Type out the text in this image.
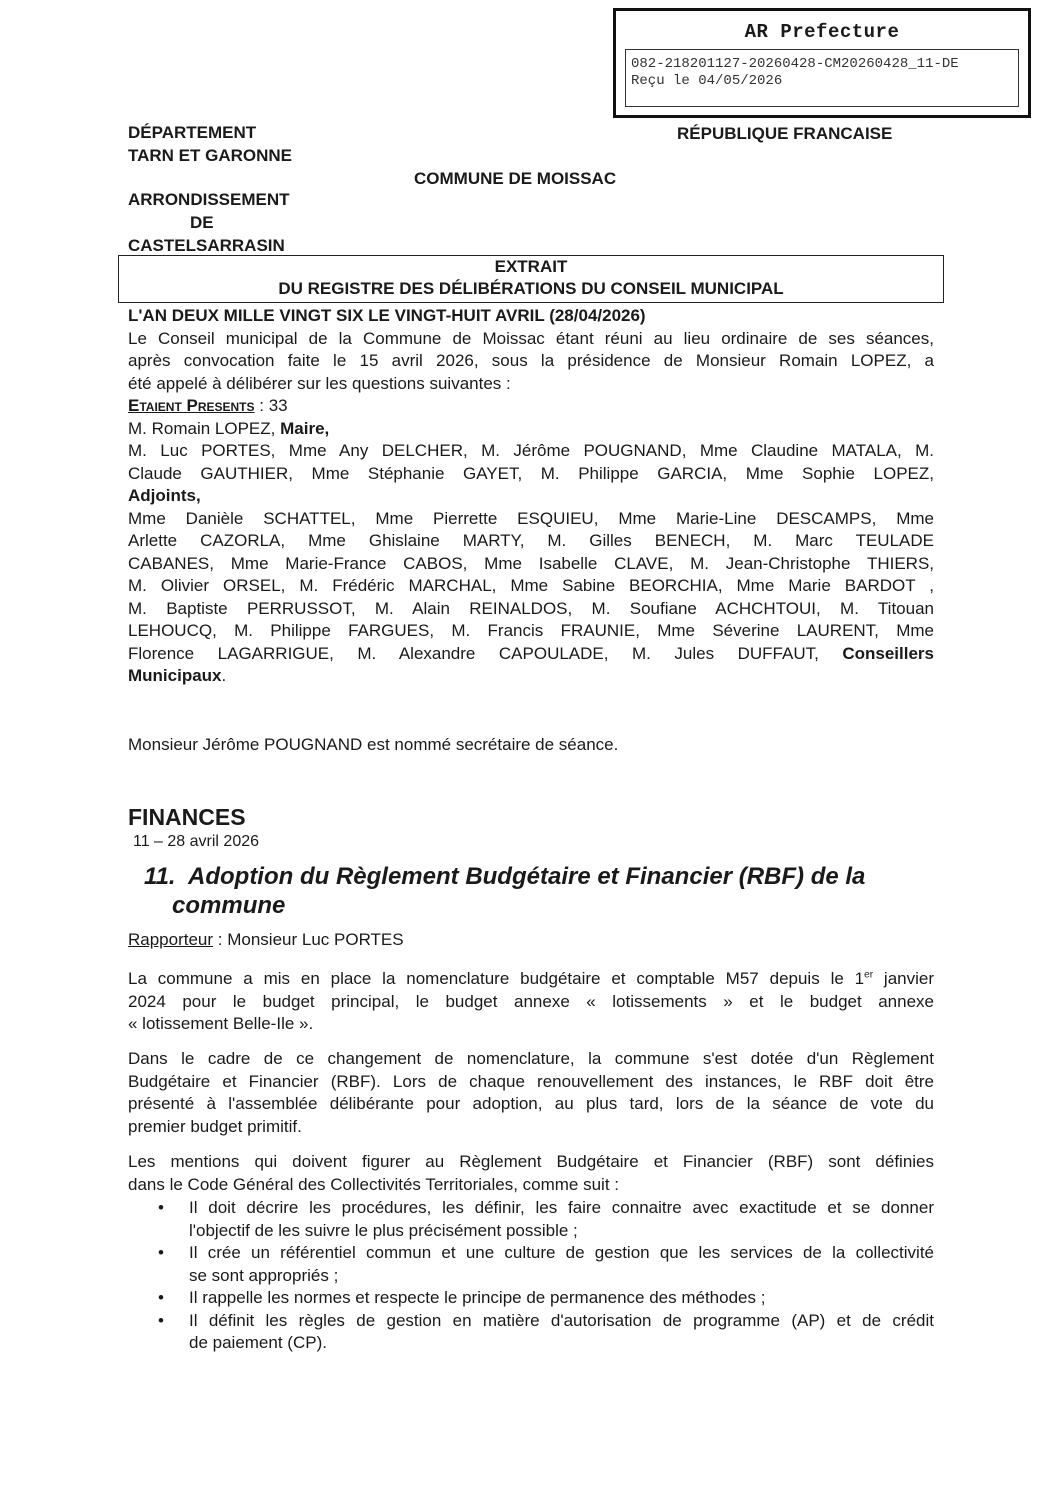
AR Prefecture
082-218201127-20260428-CM20260428_11-DE
Reçu le 04/05/2026
DÉPARTEMENT
TARN ET GARONNE
RÉPUBLIQUE FRANCAISE
COMMUNE DE MOISSAC
ARRONDISSEMENT
DE
CASTELSARRASIN
EXTRAIT
DU REGISTRE DES DÉLIBÉRATIONS DU CONSEIL MUNICIPAL
L'AN DEUX MILLE VINGT SIX LE VINGT-HUIT AVRIL (28/04/2026)
Le Conseil municipal de la Commune de Moissac étant réuni au lieu ordinaire de ses séances,
après convocation faite le 15 avril 2026, sous la présidence de Monsieur Romain LOPEZ, a
été appelé à délibérer sur les questions suivantes :
Etaient Presents : 33
M. Romain LOPEZ, Maire,
M. Luc PORTES, Mme Any DELCHER, M. Jérôme POUGNAND, Mme Claudine MATALA, M.
Claude GAUTHIER, Mme Stéphanie GAYET, M. Philippe GARCIA, Mme Sophie LOPEZ,
Adjoints,
Mme Danièle SCHATTEL, Mme Pierrette ESQUIEU, Mme Marie-Line DESCAMPS, Mme
Arlette CAZORLA, Mme Ghislaine MARTY, M. Gilles BENECH, M. Marc TEULADE
CABANES, Mme Marie-France CABOS, Mme Isabelle CLAVE, M. Jean-Christophe THIERS,
M. Olivier ORSEL, M. Frédéric MARCHAL, Mme Sabine BEORCHIA, Mme Marie BARDOT ,
M. Baptiste PERRUSSOT, M. Alain REINALDOS, M. Soufiane ACHCHTOUI, M. Titouan
LEHOUCQ, M. Philippe FARGUES, M. Francis FRAUNIE, Mme Séverine LAURENT, Mme
Florence LAGARRIGUE, M. Alexandre CAPOULADE, M. Jules DUFFAUT, Conseillers
Municipaux.
Monsieur Jérôme POUGNAND est nommé secrétaire de séance.
FINANCES
11 – 28 avril 2026
11. Adoption du Règlement Budgétaire et Financier (RBF) de la
commune
Rapporteur : Monsieur Luc PORTES
La commune a mis en place la nomenclature budgétaire et comptable M57 depuis le 1er janvier
2024 pour le budget principal, le budget annexe « lotissements » et le budget annexe
« lotissement Belle-Ile ».
Dans le cadre de ce changement de nomenclature, la commune s'est dotée d'un Règlement
Budgétaire et Financier (RBF). Lors de chaque renouvellement des instances, le RBF doit être
présenté à l'assemblée délibérante pour adoption, au plus tard, lors de la séance de vote du
premier budget primitif.
Les mentions qui doivent figurer au Règlement Budgétaire et Financier (RBF) sont définies
dans le Code Général des Collectivités Territoriales, comme suit :
• Il doit décrire les procédures, les définir, les faire connaitre avec exactitude et se donner
l'objectif de les suivre le plus précisément possible ;
• Il crée un référentiel commun et une culture de gestion que les services de la collectivité
se sont appropriés ;
• Il rappelle les normes et respecte le principe de permanence des méthodes ;
• Il définit les règles de gestion en matière d'autorisation de programme (AP) et de crédit
de paiement (CP).
